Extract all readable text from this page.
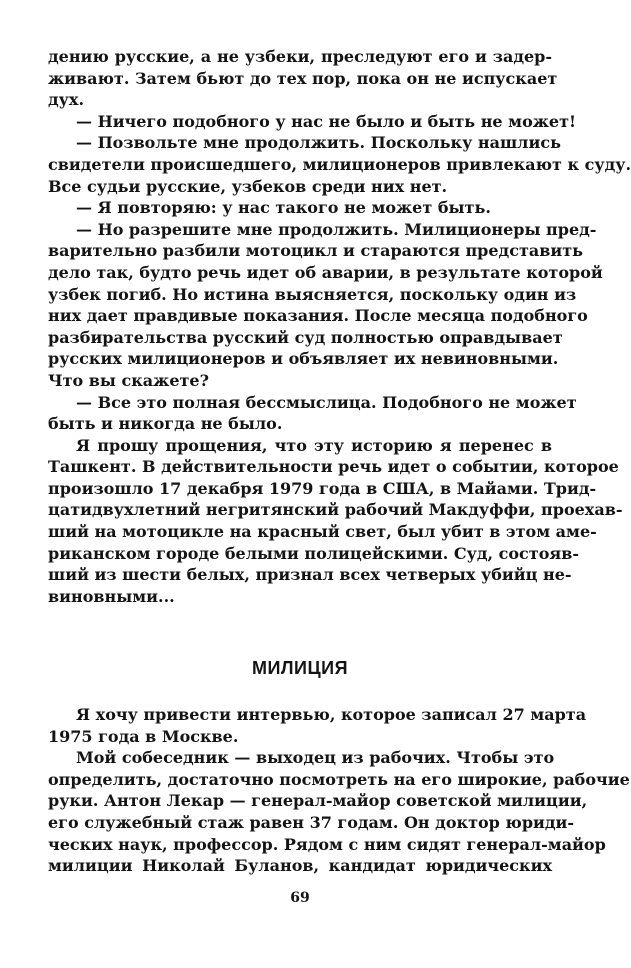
дению русские, а не узбеки, преследуют его и задер-
живают. Затем бьют до тех пор, пока он не испускает
дух.
— Ничего подобного у нас не было и быть не может!
— Позвольте мне продолжить. Поскольку нашлись
свидетели происшедшего, милиционеров привлекают к суду.
Все судьи русские, узбеков среди них нет.
— Я повторяю: у нас такого не может быть.
— Но разрешите мне продолжить. Милиционеры пред-
варительно разбили мотоцикл и стараются представить
дело так, будто речь идет об аварии, в результате которой
узбек погиб. Но истина выясняется, поскольку один из
них дает правдивые показания. После месяца подобного
разбирательства русский суд полностью оправдывает
русских милиционеров и объявляет их невиновными.
Что вы скажете?
— Все это полная бессмыслица. Подобного не может
быть и никогда не было.
Я прошу прощения, что эту историю я перенес в
Ташкент. В действительности речь идет о событии, которое
произошло 17 декабря 1979 года в США, в Майами. Трид-
цатидвухлетний негритянский рабочий Макдуффи, проехав-
ший на мотоцикле на красный свет, был убит в этом аме-
риканском городе белыми полицейскими. Суд, состояв-
ший из шести белых, признал всех четверых убийц не-
виновными...
МИЛИЦИЯ
Я хочу привести интервью, которое записал 27 марта
1975 года в Москве.
Мой собеседник — выходец из рабочих. Чтобы это
определить, достаточно посмотреть на его широкие, рабочие
руки. Антон Лекар — генерал-майор советской милиции,
его служебный стаж равен 37 годам. Он доктор юриди-
ческих наук, профессор. Рядом с ним сидят генерал-майор
милиции Николай Буланов, кандидат юридических
69
